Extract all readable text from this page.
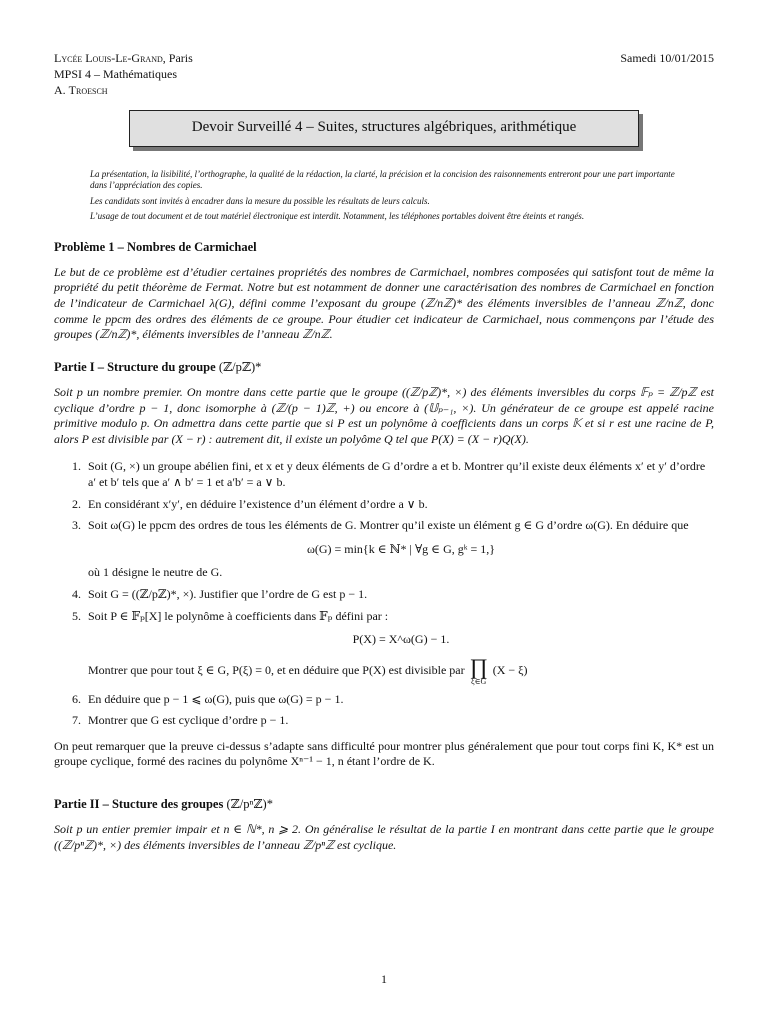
Lycée Louis-Le-Grand, Paris
MPSI 4 – Mathématiques
A. Troesch
Samedi 10/01/2015
Devoir Surveillé 4 – Suites, structures algébriques, arithmétique

La présentation, la lisibilité, l’orthographe, la qualité de la rédaction, la clarté, la précision et la concision des raisonnements entreront pour une part importante dans l’appréciation des copies.

Les candidats sont invités à encadrer dans la mesure du possible les résultats de leurs calculs.

L’usage de tout document et de tout matériel électronique est interdit. Notamment, les téléphones portables doivent être éteints et rangés.

Problème 1 – Nombres de Carmichael

Le but de ce problème est d’étudier certaines propriétés des nombres de Carmichael, nombres composées qui satisfont tout de même la propriété du petit théorème de Fermat. Notre but est notamment de donner une caractérisation des nombres de Carmichael en fonction de l’indicateur de Carmichael λ(G), défini comme l’exposant du groupe (ℤ/nℤ)* des éléments inversibles de l’anneau ℤ/nℤ, donc comme le ppcm des ordres des éléments de ce groupe. Pour étudier cet indicateur de Carmichael, nous commençons par l’étude des groupes (ℤ/nℤ)*, éléments inversibles de l’anneau ℤ/nℤ.

Partie I – Structure du groupe (ℤ/pℤ)*

Soit p un nombre premier. On montre dans cette partie que le groupe ((ℤ/pℤ)*, ×) des éléments inversibles du corps 𝔽ₚ = ℤ/pℤ est cyclique d’ordre p − 1, donc isomorphe à (ℤ/(p − 1)ℤ, +) ou encore à (𝕌ₚ₋₁, ×). Un générateur de ce groupe est appelé racine primitive modulo p. On admettra dans cette partie que si P est un polynôme à coefficients dans un corps 𝕂 et si r est une racine de P, alors P est divisible par (X − r) : autrement dit, il existe un polyôme Q tel que P(X) = (X − r)Q(X).

1. Soit (G, ×) un groupe abélien fini, et x et y deux éléments de G d’ordre a et b. Montrer qu’il existe deux éléments x′ et y′ d’ordre a′ et b′ tels que a′ ∧ b′ = 1 et a′b′ = a ∨ b.
2. En considérant x′y′, en déduire l’existence d’un élément d’ordre a ∨ b.
3. Soit ω(G) le ppcm des ordres de tous les éléments de G. Montrer qu’il existe un élément g ∈ G d’ordre ω(G). En déduire que
ω(G) = min{k ∈ ℕ* | ∀g ∈ G, gᵏ = 1,}
où 1 désigne le neutre de G.
4. Soit G = ((ℤ/pℤ)*, ×). Justifier que l’ordre de G est p − 1.
5. Soit P ∈ 𝔽ₚ[X] le polynôme à coefficients dans 𝔽ₚ défini par :
P(X) = X^ω(G) − 1.
Montrer que pour tout ξ ∈ G, P(ξ) = 0, et en déduire que P(X) est divisible par ∏
ξ∈G
(X − ξ)
6. En déduire que p − 1 ⩽ ω(G), puis que ω(G) = p − 1.
7. Montrer que G est cyclique d’ordre p − 1.

On peut remarquer que la preuve ci-dessus s’adapte sans difficulté pour montrer plus généralement que pour tout corps fini K, K* est un groupe cyclique, formé des racines du polynôme Xⁿ⁻¹ − 1, n étant l’ordre de K.

Partie II – Stucture des groupes (ℤ/pⁿℤ)*

Soit p un entier premier impair et n ∈ ℕ*, n ⩾ 2. On généralise le résultat de la partie I en montrant dans cette partie que le groupe ((ℤ/pⁿℤ)*, ×) des éléments inversibles de l’anneau ℤ/pⁿℤ est cyclique.

1
